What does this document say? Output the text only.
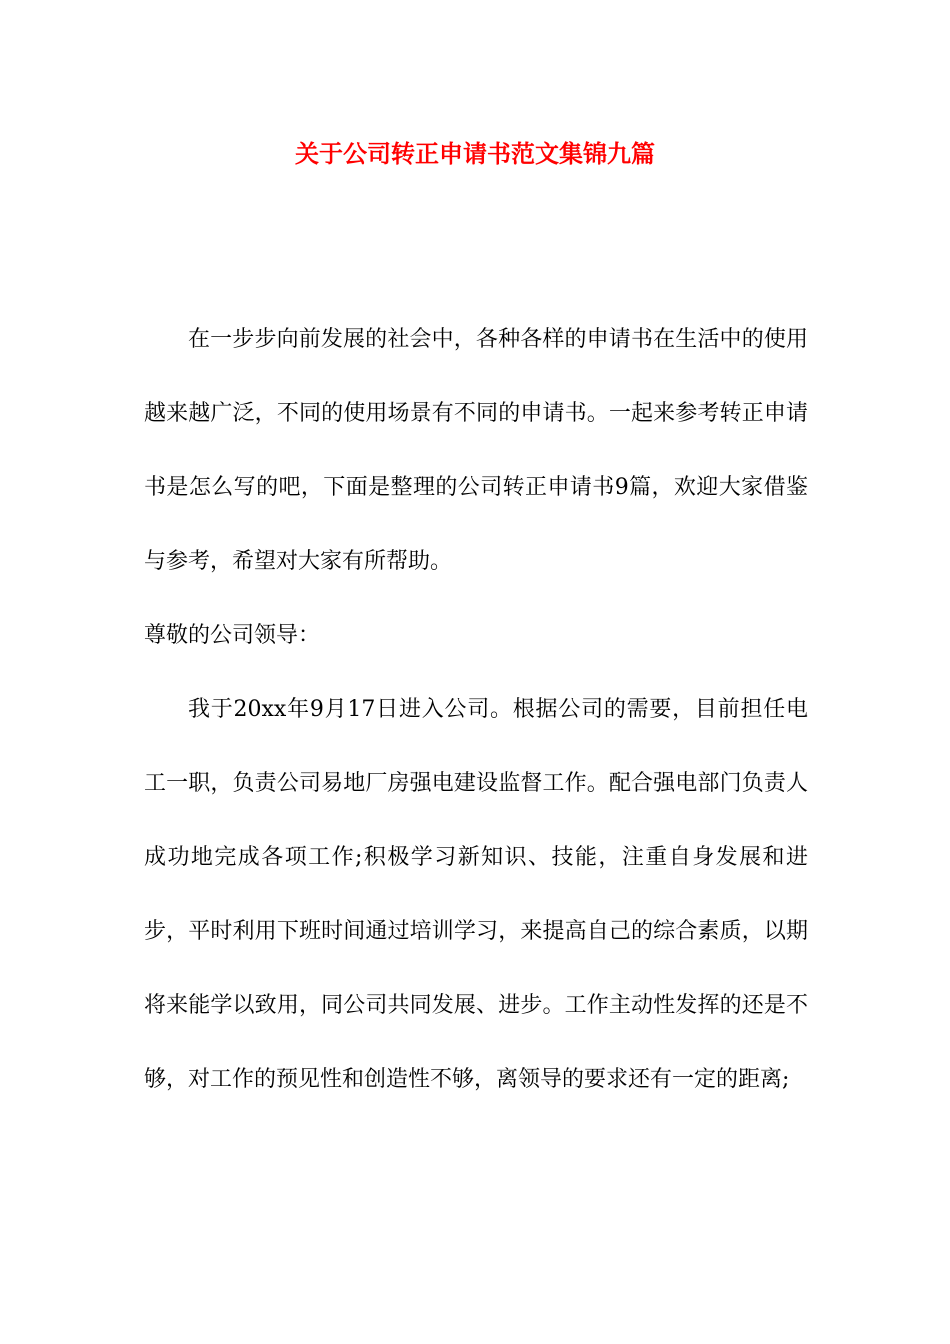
关于公司转正申请书范文集锦九篇

在一步步向前发展的社会中，各种各样的申请书在生活中的使用越来越广泛，不同的使用场景有不同的申请书。一起来参考转正申请书是怎么写的吧，下面是整理的公司转正申请书9篇，欢迎大家借鉴与参考，希望对大家有所帮助。

尊敬的公司领导：

我于20xx年9月17日进入公司。根据公司的需要，目前担任电工一职，负责公司易地厂房强电建设监督工作。配合强电部门负责人成功地完成各项工作;积极学习新知识、技能，注重自身发展和进步，平时利用下班时间通过培训学习，来提高自己的综合素质，以期将来能学以致用，同公司共同发展、进步。工作主动性发挥的还是不够，对工作的预见性和创造性不够，离领导的要求还有一定的距离;
